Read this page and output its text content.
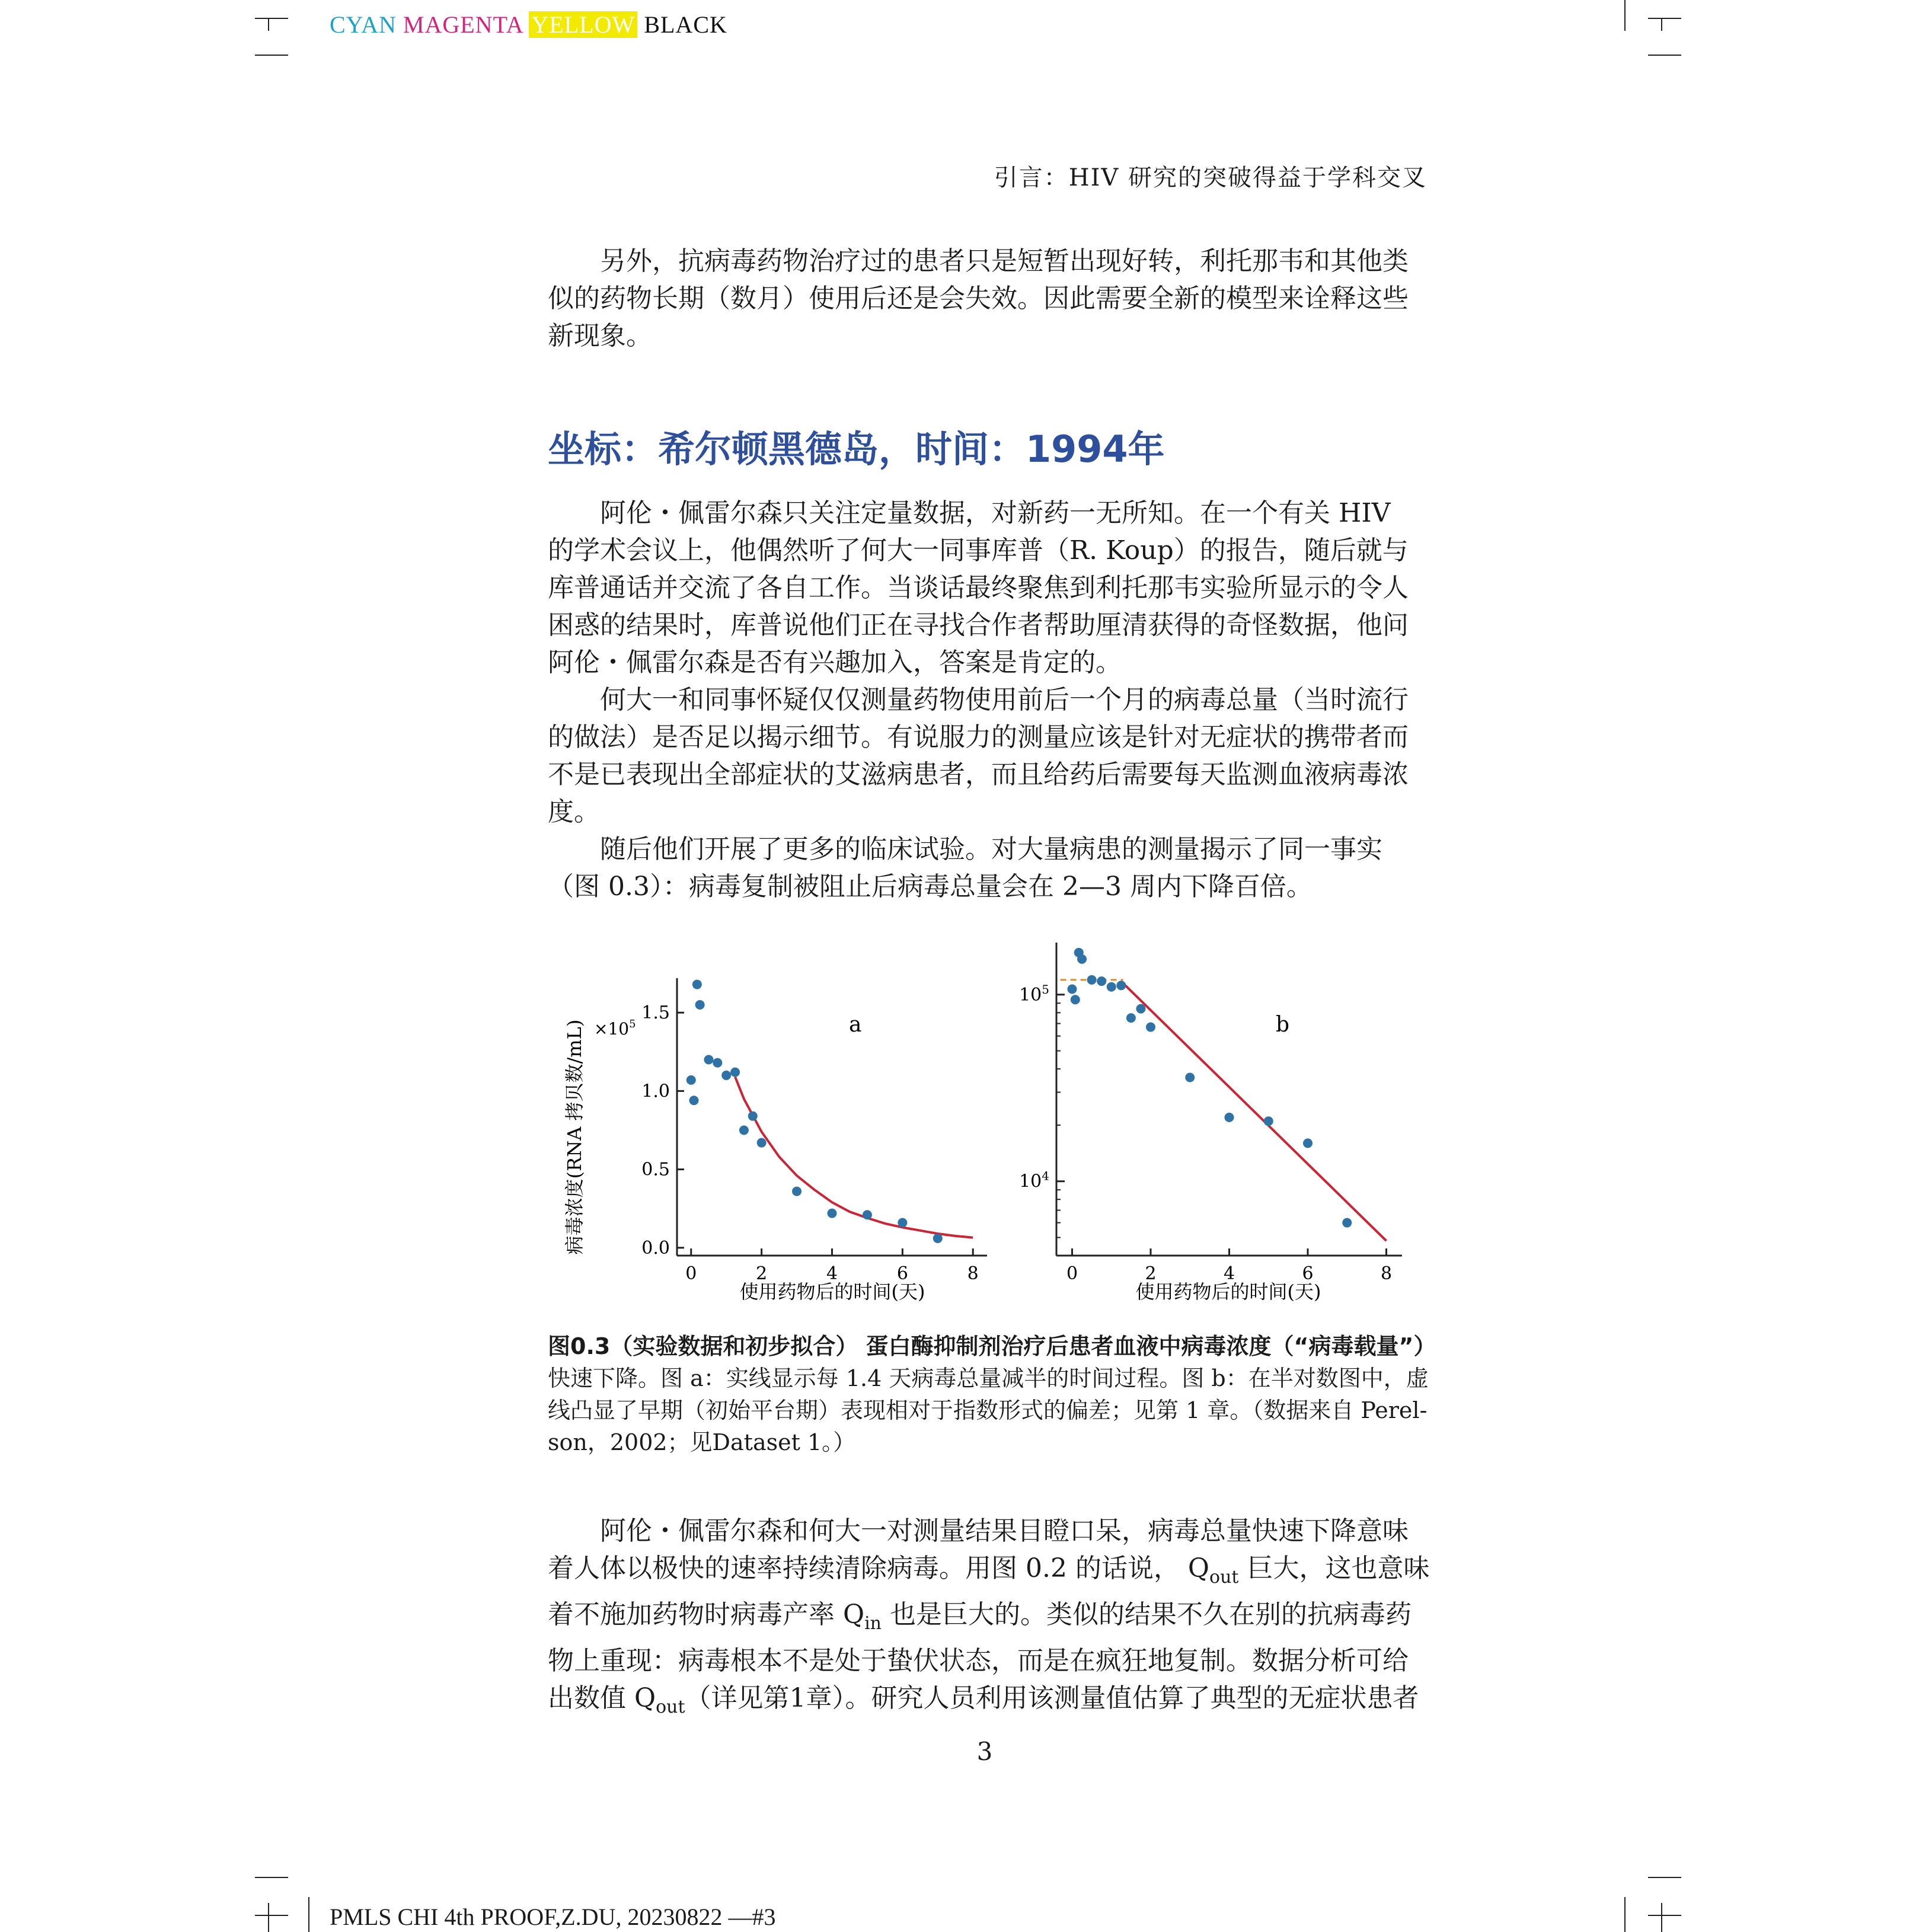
CYAN MAGENTA YELLOW BLACK
引言：HIV 研究的突破得益于学科交叉
另外，抗病毒药物治疗过的患者只是短暂出现好转，利托那韦和其他类
似的药物长期（数月）使用后还是会失效。因此需要全新的模型来诠释这些
新现象。
坐标：希尔顿黑德岛，时间：1994年
阿伦・佩雷尔森只关注定量数据，对新药一无所知。在一个有关 HIV
的学术会议上，他偶然听了何大一同事库普（R. Koup）的报告，随后就与
库普通话并交流了各自工作。当谈话最终聚焦到利托那韦实验所显示的令人
困惑的结果时，库普说他们正在寻找合作者帮助厘清获得的奇怪数据，他问
阿伦・佩雷尔森是否有兴趣加入，答案是肯定的。
何大一和同事怀疑仅仅测量药物使用前后一个月的病毒总量（当时流行
的做法）是否足以揭示细节。有说服力的测量应该是针对无症状的携带者而
不是已表现出全部症状的艾滋病患者，而且给药后需要每天监测血液病毒浓
度。
随后他们开展了更多的临床试验。对大量病患的测量揭示了同一事实
（图 0.3）：病毒复制被阻止后病毒总量会在 2—3 周内下降百倍。
病毒浓度(RNA 拷贝数$/mL) \times 10^5$
0.0
0.5
1.0
1.5
0	2	4	6	8
a
使用药物后的时间(天)
$10^5$
$10^4$
0	2	4	6	8
b
使用药物后的时间(天)
图0.3（实验数据和初步拟合） 蛋白酶抑制剂治疗后患者血液中病毒浓度（“病毒载量”）
快速下降。图 a：实线显示每 1.4 天病毒总量减半的时间过程。图 b：在半对数图中，虚
线凸显了早期（初始平台期）表现相对于指数形式的偏差；见第 1 章。（数据来自 Perel-
son，2002；见Dataset 1。）
阿伦・佩雷尔森和何大一对测量结果目瞪口呆，病毒总量快速下降意味
着人体以极快的速率持续清除病毒。用图 0.2 的话说， $Q_{out}$ 巨大，这也意味
着不施加药物时病毒产率 $Q_{in}$ 也是巨大的。类似的结果不久在别的抗病毒药
物上重现：病毒根本不是处于蛰伏状态，而是在疯狂地复制。数据分析可给
出数值 $Q_{out}$（详见第1章）。研究人员利用该测量值估算了典型的无症状患者
3
PMLS CHI 4th PROOF,Z.DU, 20230822 —#3
